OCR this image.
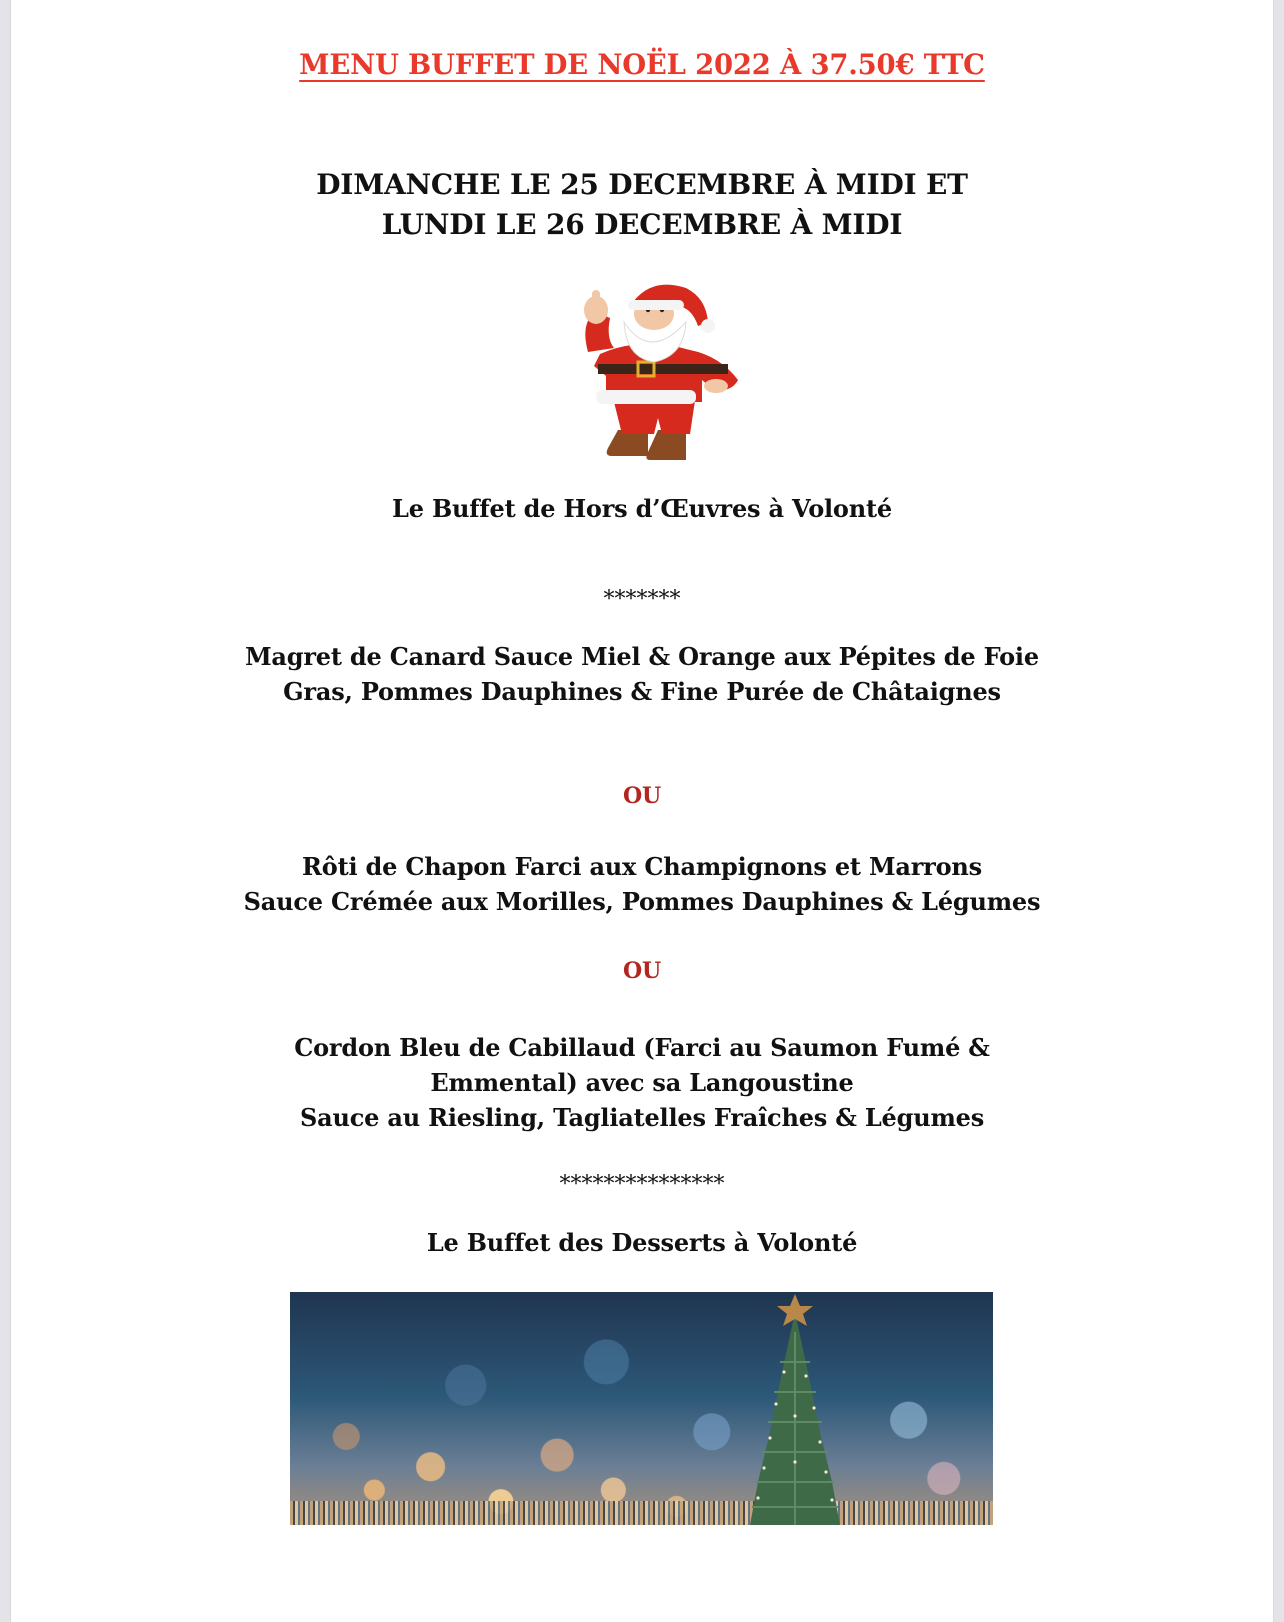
MENU BUFFET DE NOËL 2022 À 37.50€ TTC
DIMANCHE LE 25 DECEMBRE À MIDI ET
LUNDI LE 26 DECEMBRE À MIDI
Le Buffet de Hors d’Œuvres à Volonté
*******
Magret de Canard Sauce Miel & Orange aux Pépites de Foie
Gras, Pommes Dauphines & Fine Purée de Châtaignes
OU
Rôti de Chapon Farci aux Champignons et Marrons
Sauce Crémée aux Morilles, Pommes Dauphines & Légumes
OU
Cordon Bleu de Cabillaud (Farci au Saumon Fumé &
Emmental) avec sa Langoustine
Sauce au Riesling, Tagliatelles Fraîches & Légumes
***************
Le Buffet des Desserts à Volonté
